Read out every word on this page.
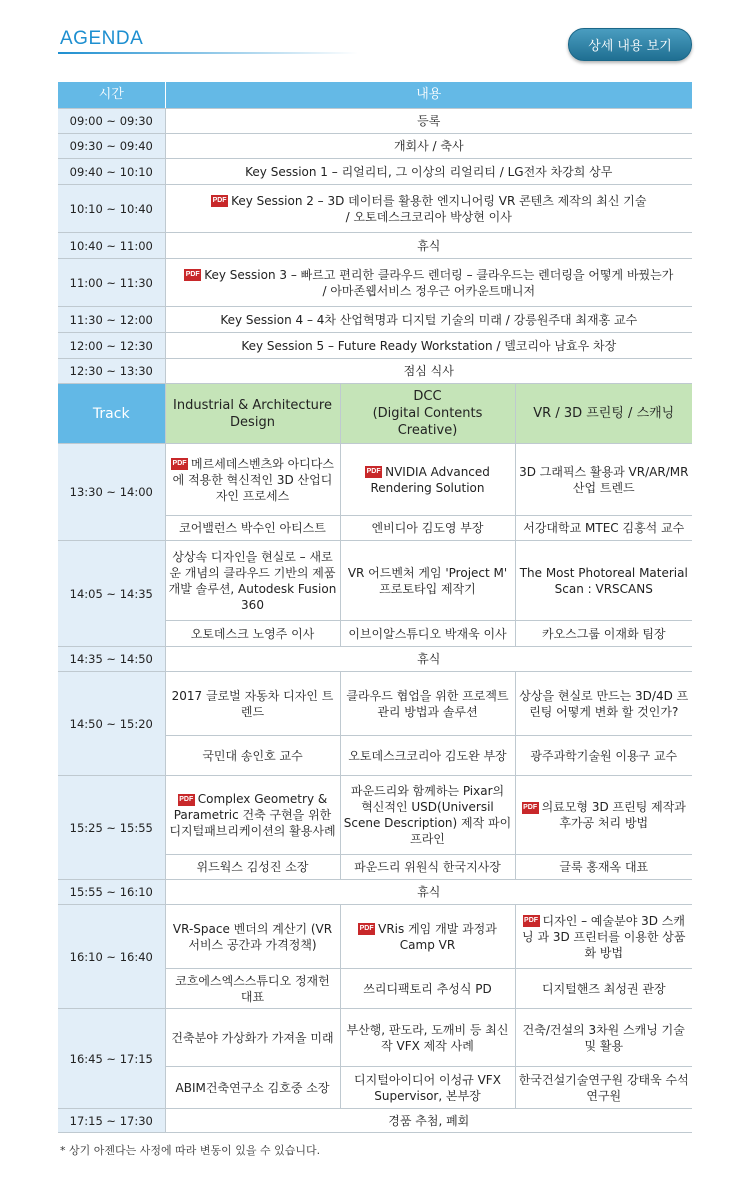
AGENDA	상세 내용 보기
시간	내용		
09:00 ~ 09:30	등록		
09:30 ~ 09:40	개회사 / 축사		
09:40 ~ 10:10	Key Session 1 – 리얼리티, 그 이상의 리얼리티 / LG전자 차강희 상무		
10:10 ~ 10:40	PDF Key Session 2 – 3D 데이터를 활용한 엔지니어링 VR 콘텐츠 제작의 최신 기술
/ 오토데스크코리아 박상현 이사		
10:40 ~ 11:00	휴식		
11:00 ~ 11:30	PDF Key Session 3 – 빠르고 편리한 클라우드 렌더링 – 클라우드는 렌더링을 어떻게 바꿨는가
/ 아마존웹서비스 정우근 어카운트매니저		
11:30 ~ 12:00	Key Session 4 – 4차 산업혁명과 디지털 기술의 미래 / 강릉원주대 최재홍 교수		
12:00 ~ 12:30	Key Session 5 – Future Ready Workstation / 델코리아 남효우 차장		
12:30 ~ 13:30	점심 식사		
Track	Industrial & Architecture Design	DCC
(Digital Contents
Creative)	VR / 3D 프린팅 / 스캐닝
13:30 ~ 14:00	PDF 메르세데스벤츠와 아디다스 에 적용한 혁신적인 3D 산업디자인 프로세스	PDF NVIDIA Advanced Rendering Solution	3D 그래픽스 활용과 VR/AR/MR 산업 트렌드
	코어밸런스 박수인 아티스트	엔비디아 김도영 부장	서강대학교 MTEC 김홍석 교수
14:05 ~ 14:35	상상속 디자인을 현실로 – 새로운 개념의 클라우드 기반의 제품개발 솔루션, Autodesk Fusion 360	VR 어드벤처 게임 'Project M' 프로토타입 제작기	The Most Photoreal Material Scan : VRSCANS
	오토데스크 노영주 이사	이브이알스튜디오 박재욱 이사	카오스그룹 이재화 팀장
14:35 ~ 14:50	휴식		
14:50 ~ 15:20	2017 글로벌 자동차 디자인 트렌드	클라우드 협업을 위한 프로젝트 관리 방법과 솔루션	상상을 현실로 만드는 3D/4D 프린팅 어떻게 변화 할 것인가?
	국민대 송인호 교수	오토데스크코리아 김도완 부장	광주과학기술원 이용구 교수
15:25 ~ 15:55	PDF Complex Geometry & Parametric 건축 구현을 위한 디지털패브리케이션의 활용사례	파운드리와 함께하는 Pixar의 혁신적인 USD(Universil Scene Description) 제작 파이프라인	PDF 의료모형 3D 프린팅 제작과 후가공 처리 방법
	위드웍스 김성진 소장	파운드리 위원식 한국지사장	글룩 홍재옥 대표
15:55 ~ 16:10	휴식		
16:10 ~ 16:40	VR-Space 벤더의 계산기 (VR 서비스 공간과 가격정책)	PDF VRis 게임 개발 과정과 Camp VR	PDF 디자인 – 예술분야 3D 스캐닝 과 3D 프린터를 이용한 상품화 방법
	코흐에스엑스스튜디오 정재헌 대표	쓰리디팩토리 추성식 PD	디지털핸즈 최성권 관장
16:45 ~ 17:15	건축분야 가상화가 가져올 미래	부산행, 판도라, 도깨비 등 최신작 VFX 제작 사례	건축/건설의 3차원 스캐닝 기술 및 활용
	ABIM건축연구소 김호중 소장	디지털아이디어 이성규 VFX Supervisor, 본부장	한국건설기술연구원 강태욱 수석연구원
17:15 ~ 17:30	경품 추첨, 폐회		
* 상기 아젠다는 사정에 따라 변동이 있을 수 있습니다.
